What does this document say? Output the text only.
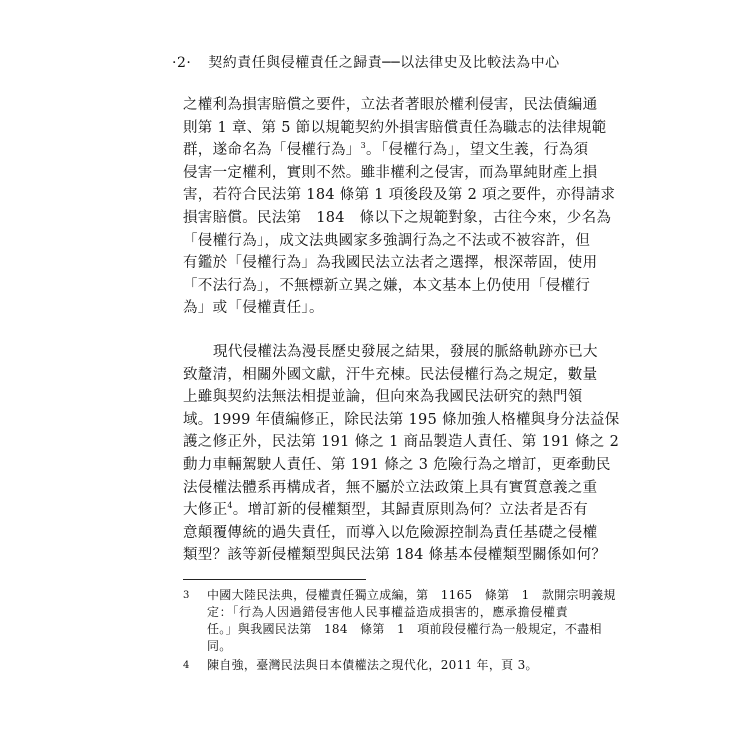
·2· 契約責任與侵權責任之歸責──以法律史及比較法為中心
之權利為損害賠償之要件，立法者著眼於權利侵害，民法債編通
則第 1 章、第 5 節以規範契約外損害賠償責任為職志的法律規範
群，遂命名為「侵權行為」$^3$。「侵權行為」，望文生義，行為須
侵害一定權利，實則不然。雖非權利之侵害，而為單純財產上損
害，若符合民法第 184 條第 1 項後段及第 2 項之要件，亦得請求
損害賠償。民法第　184　條以下之規範對象，古往今來，少名為
「侵權行為」，成文法典國家多強調行為之不法或不被容許，但
有鑑於「侵權行為」為我國民法立法者之選擇，根深蒂固，使用
「不法行為」，不無標新立異之嫌，本文基本上仍使用「侵權行
為」或「侵權責任」。
現代侵權法為漫長歷史發展之結果，發展的脈絡軌跡亦已大
致釐清，相關外國文獻，汗牛充棟。民法侵權行為之規定，數量
上雖與契約法無法相提並論，但向來為我國民法研究的熱門領
域。1999 年債編修正，除民法第 195 條加強人格權與身分法益保
護之修正外，民法第 191 條之 1 商品製造人責任、第 191 條之 2
動力車輛駕駛人責任、第 191 條之 3 危險行為之增訂，更牽動民
法侵權法體系再構成者，無不屬於立法政策上具有實質意義之重
大修正$^4$。增訂新的侵權類型，其歸責原則為何？立法者是否有
意顛覆傳統的過失責任，而導入以危險源控制為責任基礎之侵權
類型？該等新侵權類型與民法第 184 條基本侵權類型關係如何？
3 中國大陸民法典，侵權責任獨立成編，第　1165　條第　1　款開宗明義規
定：「行為人因過錯侵害他人民事權益造成損害的，應承擔侵權責
任。」與我國民法第　184　條第　1　項前段侵權行為一般規定，不盡相
同。
4 陳自強，臺灣民法與日本債權法之現代化，2011 年，頁 3。
